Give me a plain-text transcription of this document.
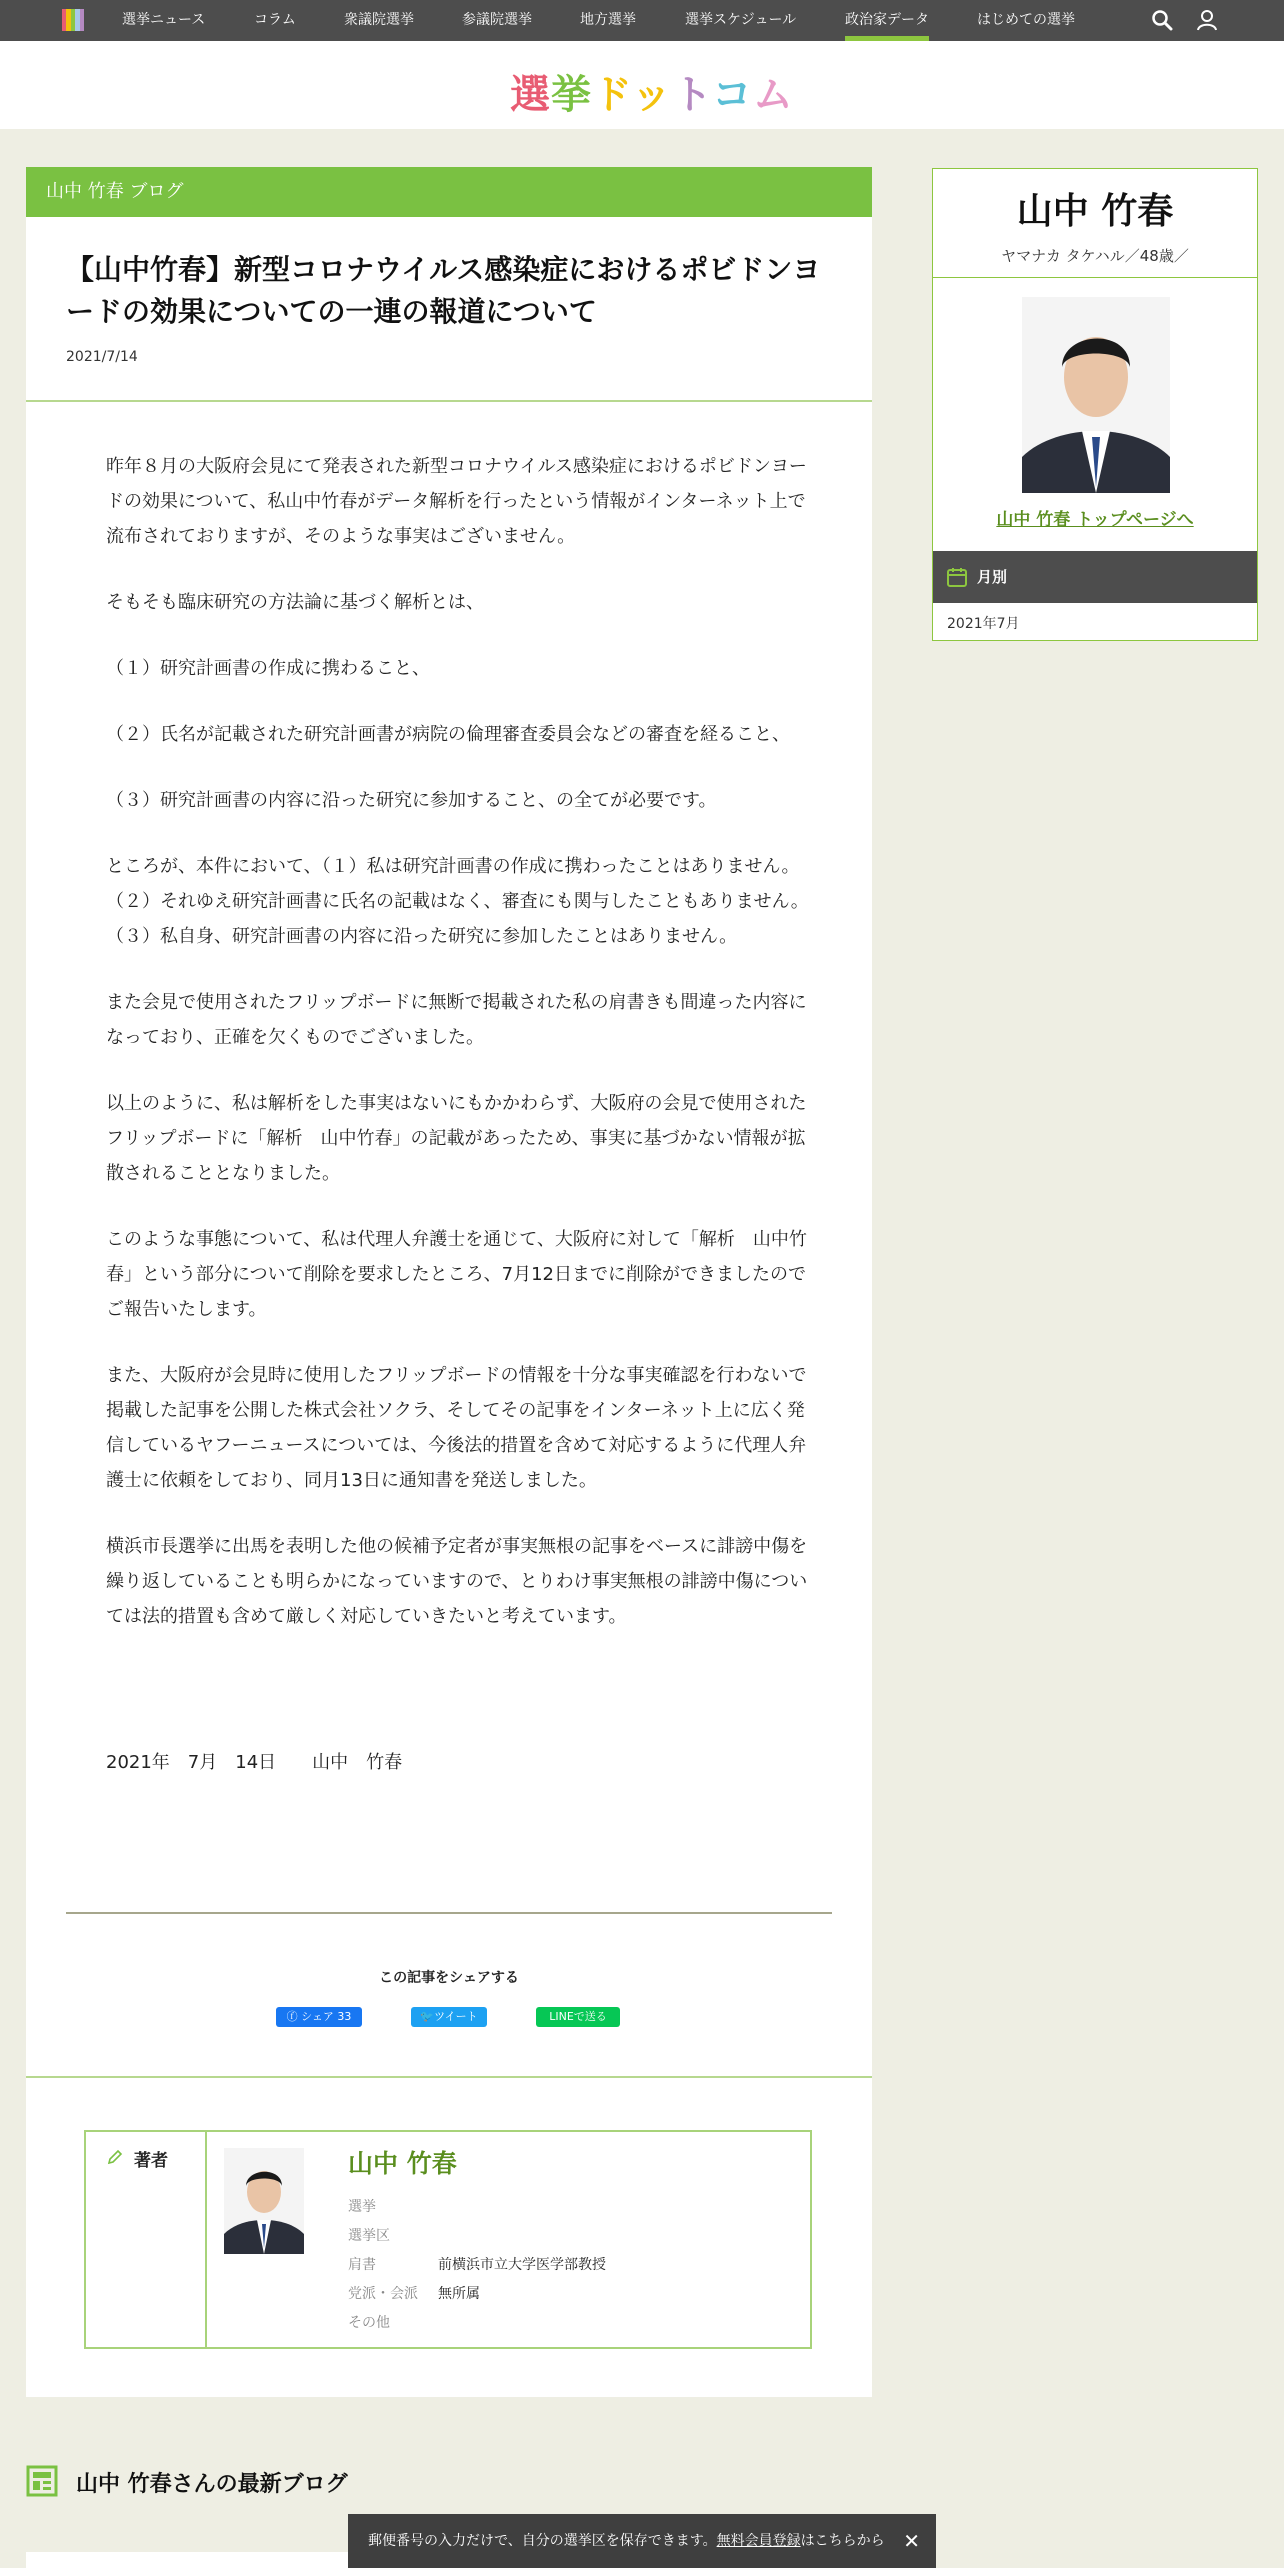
選挙ニュース	コラム	衆議院選挙	参議院選挙	地方選挙	選挙スケジュール	政治家データ	はじめての選挙
選挙ドットコム
山中 竹春 ブログ
【山中竹春】新型コロナウイルス感染症におけるポビドンヨードの効果についての一連の報道について
2021/7/14

昨年８月の大阪府会見にて発表された新型コロナウイルス感染症におけるポビドンヨードの効果について、私山中竹春がデータ解析を行ったという情報がインターネット上で流布されておりますが、そのような事実はございません。

そもそも臨床研究の方法論に基づく解析とは、

（１）研究計画書の作成に携わること、

（２）氏名が記載された研究計画書が病院の倫理審査委員会などの審査を経ること、

（３）研究計画書の内容に沿った研究に参加すること、の全てが必要です。

ところが、本件において、（１）私は研究計画書の作成に携わったことはありません。（２）それゆえ研究計画書に氏名の記載はなく、審査にも関与したこともありません。（３）私自身、研究計画書の内容に沿った研究に参加したことはありません。

また会見で使用されたフリップボードに無断で掲載された私の肩書きも間違った内容になっており、正確を欠くものでございました。

以上のように、私は解析をした事実はないにもかかわらず、大阪府の会見で使用されたフリップボードに「解析　山中竹春」の記載があったため、事実に基づかない情報が拡散されることとなりました。

このような事態について、私は代理人弁護士を通じて、大阪府に対して「解析　山中竹春」という部分について削除を要求したところ、7月12日までに削除ができましたのでご報告いたします。

また、大阪府が会見時に使用したフリップボードの情報を十分な事実確認を行わないで掲載した記事を公開した株式会社ソクラ、そしてその記事をインターネット上に広く発信しているヤフーニュースについては、今後法的措置を含めて対応するように代理人弁護士に依頼をしており、同月13日に通知書を発送しました。

横浜市長選挙に出馬を表明した他の候補予定者が事実無根の記事をベースに誹謗中傷を繰り返していることも明らかになっていますので、とりわけ事実無根の誹謗中傷については法的措置も含めて厳しく対応していきたいと考えています。

2021年　7月　14日　　山中　竹春
この記事をシェアする
ⓕ シェア 33	🐦ツイート	LINEで送る
著者	山中 竹春
選挙
選挙区
肩書	前横浜市立大学医学部教授
党派・会派 無所属
その他
山中 竹春
ヤマナカ タケハル／48歳／
山中 竹春 トップページへ
月別
2021年7月
山中 竹春さんの最新ブログ
郵便番号の入力だけで、自分の選挙区を保存できます。無料会員登録はこちらから ✕
